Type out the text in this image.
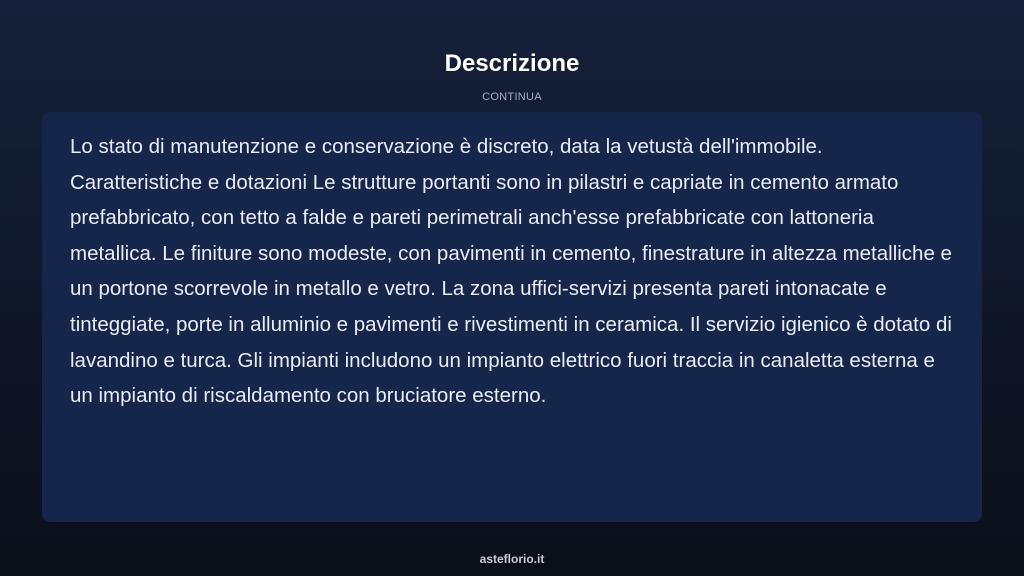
Descrizione
CONTINUA

Lo stato di manutenzione e conservazione è discreto, data la vetustà dell'immobile. Caratteristiche e dotazioni Le strutture portanti sono in pilastri e capriate in cemento armato prefabbricato, con tetto a falde e pareti perimetrali anch'esse prefabbricate con lattoneria metallica. Le finiture sono modeste, con pavimenti in cemento, finestrature in altezza metalliche e un portone scorrevole in metallo e vetro. La zona uffici-servizi presenta pareti intonacate e tinteggiate, porte in alluminio e pavimenti e rivestimenti in ceramica. Il servizio igienico è dotato di lavandino e turca. Gli impianti includono un impianto elettrico fuori traccia in canaletta esterna e un impianto di riscaldamento con bruciatore esterno.

asteflorio.it
